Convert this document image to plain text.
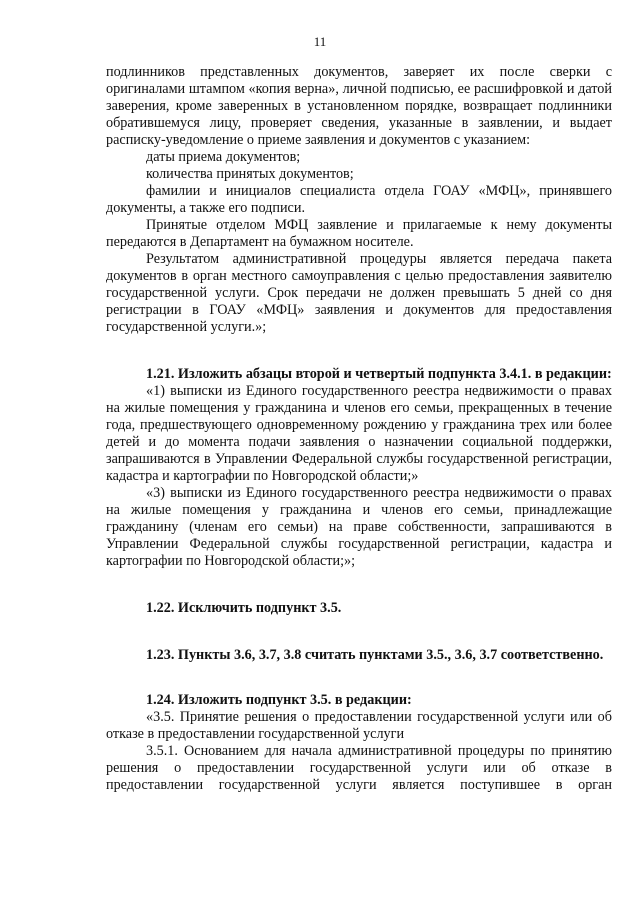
11

подлинников представленных документов, заверяет их после сверки с оригиналами штампом «копия верна», личной подписью, ее расшифровкой и датой заверения, кроме заверенных в установленном порядке, возвращает подлинники обратившемуся лицу, проверяет сведения, указанные в заявлении, и выдает расписку-уведомление о приеме заявления и документов с указанием:

даты приема документов;

количества принятых документов;

фамилии и инициалов специалиста отдела ГОАУ «МФЦ», принявшего документы, а также его подписи.

Принятые отделом МФЦ заявление и прилагаемые к нему документы передаются в Департамент на бумажном носителе.

Результатом административной процедуры является передача пакета документов в орган местного самоуправления с целью предоставления заявителю государственной услуги. Срок передачи не должен превышать 5 дней со дня регистрации в ГОАУ «МФЦ» заявления и документов для предоставления государственной услуги.»;

1.21. Изложить абзацы второй и четвертый подпункта 3.4.1. в редакции:

«1) выписки из Единого государственного реестра недвижимости о правах на жилые помещения у гражданина и членов его семьи, прекращенных в течение года, предшествующего одновременному рождению у гражданина трех или более детей и до момента подачи заявления о назначении социальной поддержки, запрашиваются в Управлении Федеральной службы государственной регистрации, кадастра и картографии по Новгородской области;»

«3) выписки из Единого государственного реестра недвижимости о правах на жилые помещения у гражданина и членов его семьи, принадлежащие гражданину (членам его семьи) на праве собственности, запрашиваются в Управлении Федеральной службы государственной регистрации, кадастра и картографии по Новгородской области;»;

1.22. Исключить подпункт 3.5.

1.23. Пункты 3.6, 3.7, 3.8 считать пунктами 3.5., 3.6, 3.7 соответственно.

1.24. Изложить подпункт 3.5. в редакции:

«3.5. Принятие решения о предоставлении государственной услуги или об отказе в предоставлении государственной услуги

3.5.1. Основанием для начала административной процедуры по принятию решения о предоставлении государственной услуги или об отказе в предоставлении государственной услуги является поступившее в орган
